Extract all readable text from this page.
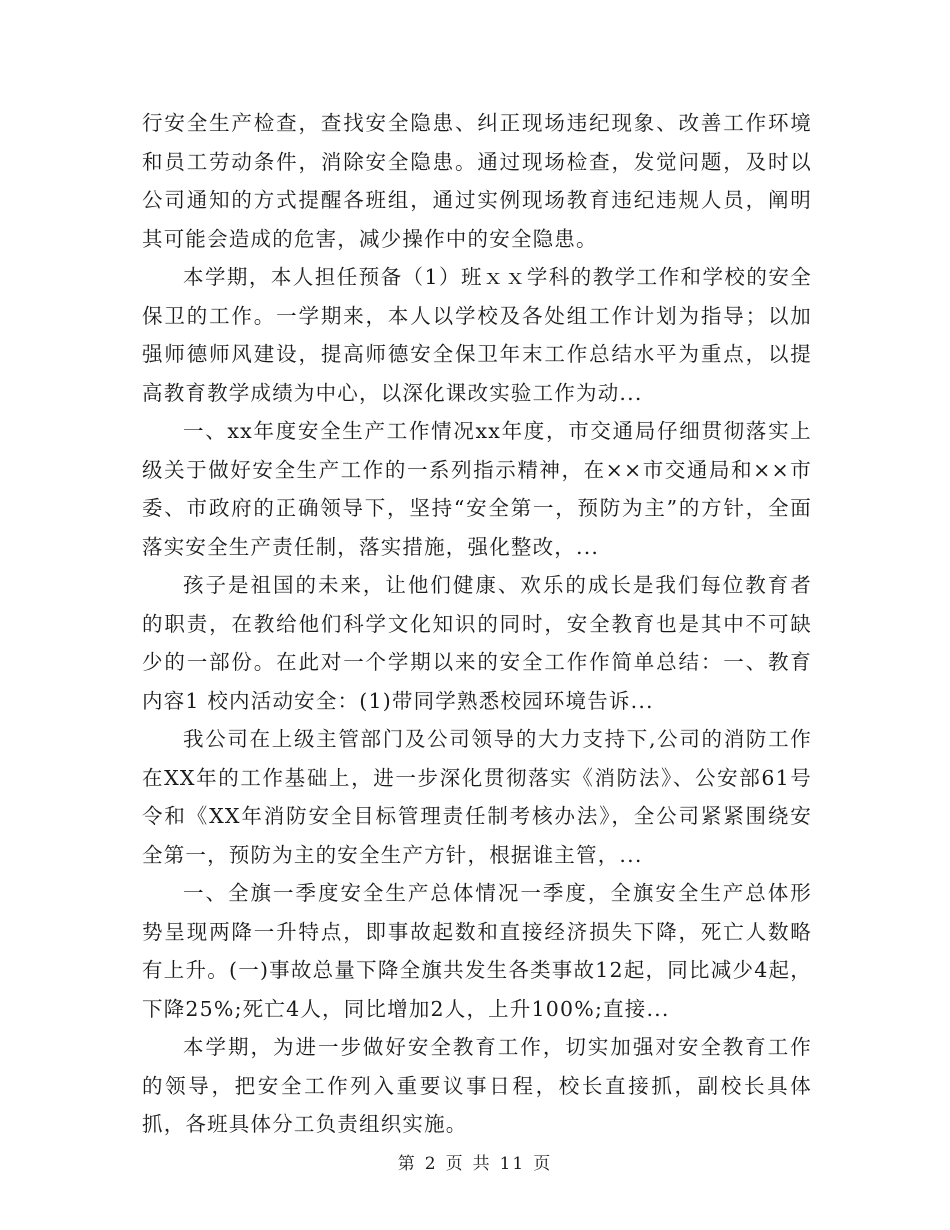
行安全生产检查，查找安全隐患、纠正现场违纪现象、改善工作环境和员工劳动条件，消除安全隐患。通过现场检查，发觉问题，及时以公司通知的方式提醒各班组，通过实例现场教育违纪违规人员，阐明其可能会造成的危害，减少操作中的安全隐患。

本学期，本人担任预备（1）班ｘｘ学科的教学工作和学校的安全保卫的工作。一学期来，本人以学校及各处组工作计划为指导；以加强师德师风建设，提高师德安全保卫年末工作总结水平为重点，以提高教育教学成绩为中心，以深化课改实验工作为动...

一、xx年度安全生产工作情况xx年度，市交通局仔细贯彻落实上级关于做好安全生产工作的一系列指示精神，在××市交通局和××市委、市政府的正确领导下，坚持“安全第一，预防为主”的方针，全面落实安全生产责任制，落实措施，强化整改，...

孩子是祖国的未来，让他们健康、欢乐的成长是我们每位教育者的职责，在教给他们科学文化知识的同时，安全教育也是其中不可缺少的一部份。在此对一个学期以来的安全工作作简单总结：一、教育内容1 校内活动安全：(1)带同学熟悉校园环境告诉...

我公司在上级主管部门及公司领导的大力支持下,公司的消防工作在XX年的工作基础上，进一步深化贯彻落实《消防法》、公安部61号令和《XX年消防安全目标管理责任制考核办法》，全公司紧紧围绕安全第一，预防为主的安全生产方针，根据谁主管，...

一、全旗一季度安全生产总体情况一季度，全旗安全生产总体形势呈现两降一升特点，即事故起数和直接经济损失下降，死亡人数略有上升。(一)事故总量下降全旗共发生各类事故12起，同比减少4起，下降25%;死亡4人，同比增加2人，上升100%;直接...

本学期，为进一步做好安全教育工作，切实加强对安全教育工作的领导，把安全工作列入重要议事日程，校长直接抓，副校长具体抓，各班具体分工负责组织实施。

第 2 页 共 11 页
